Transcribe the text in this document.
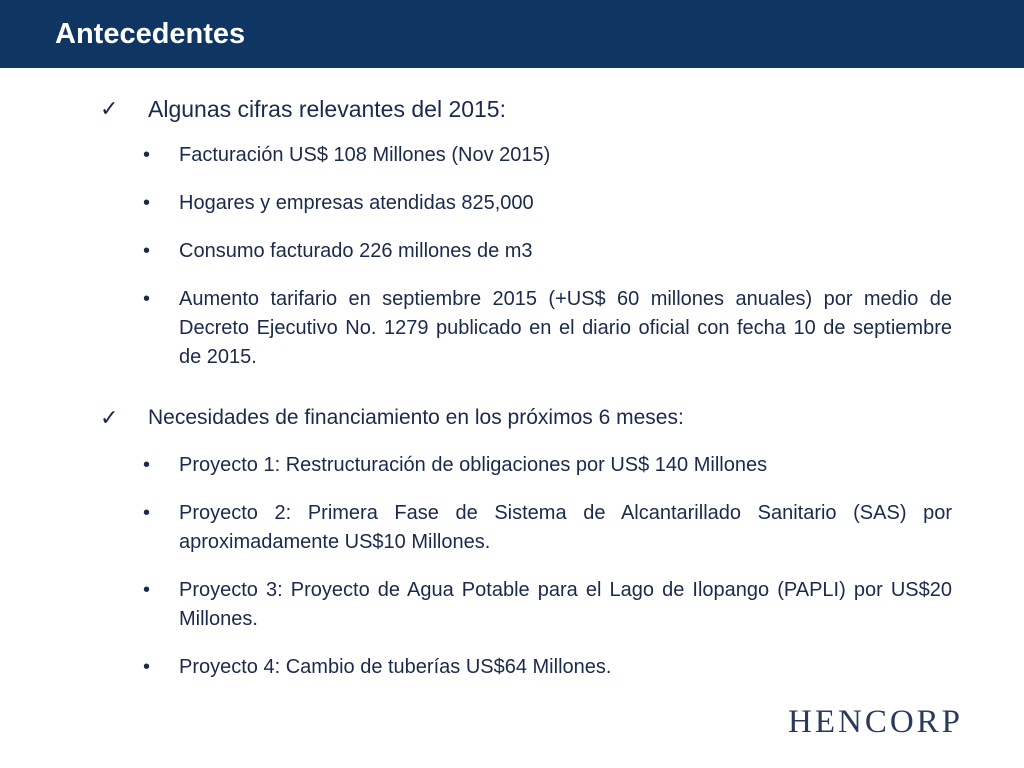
Antecedentes
✓ Algunas cifras relevantes del 2015:
• Facturación US$ 108 Millones (Nov 2015)
• Hogares y empresas atendidas 825,000
• Consumo facturado 226 millones de m3
• Aumento tarifario en septiembre 2015 (+US$ 60 millones anuales) por medio de Decreto Ejecutivo No. 1279 publicado en el diario oficial con fecha 10 de septiembre de 2015.
✓ Necesidades de financiamiento en los próximos 6 meses:
• Proyecto 1: Restructuración de obligaciones por US$ 140 Millones
• Proyecto 2: Primera Fase de Sistema de Alcantarillado Sanitario (SAS) por aproximadamente US$10 Millones.
• Proyecto 3: Proyecto de Agua Potable para el Lago de Ilopango (PAPLI) por US$20 Millones.
• Proyecto 4: Cambio de tuberías US$64 Millones.
HENCORP
